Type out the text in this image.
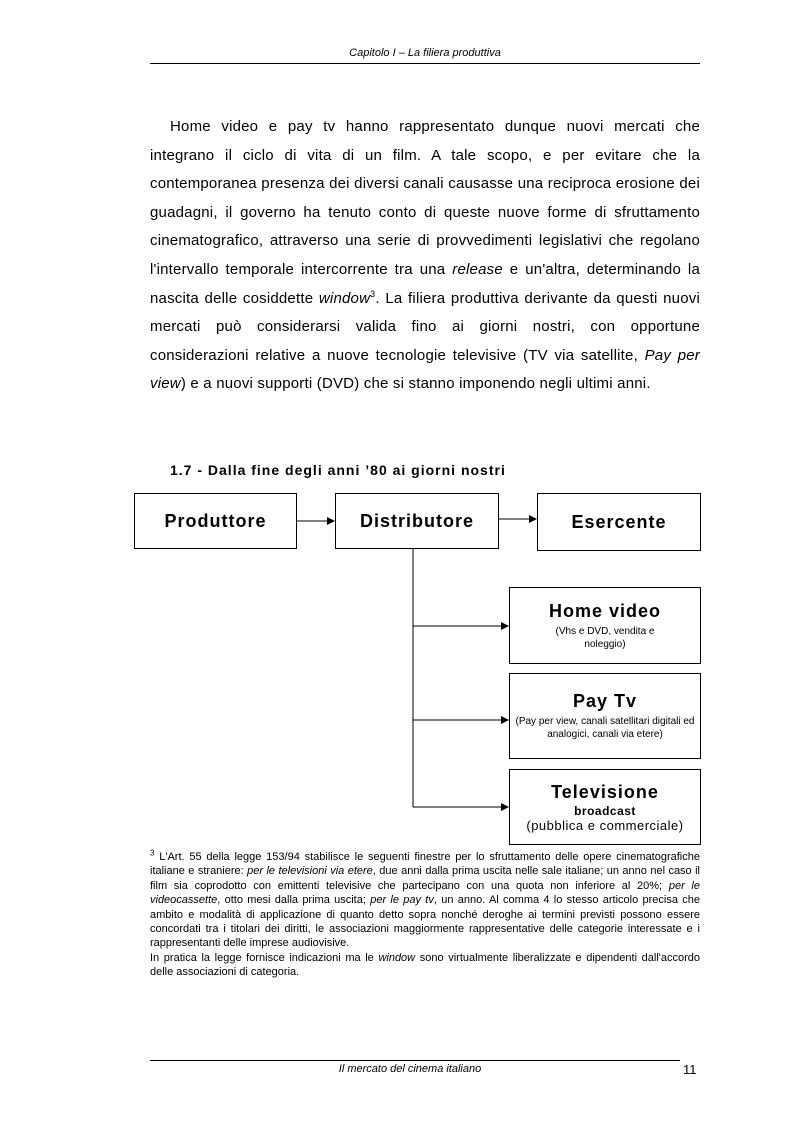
Capitolo I – La filiera produttiva

Home video e pay tv hanno rappresentato dunque nuovi mercati che integrano il ciclo di vita di un film. A tale scopo, e per evitare che la contemporanea presenza dei diversi canali causasse una reciproca erosione dei guadagni, il governo ha tenuto conto di queste nuove forme di sfruttamento cinematografico, attraverso una serie di provvedimenti legislativi che regolano l'intervallo temporale intercorrente tra una release e un'altra, determinando la nascita delle cosiddette window$^3$. La filiera produttiva derivante da questi nuovi mercati può considerarsi valida fino ai giorni nostri, con opportune considerazioni relative a nuove tecnologie televisive (TV via satellite, Pay per view) e a nuovi supporti (DVD) che si stanno imponendo negli ultimi anni.

1.7 - Dalla fine degli anni ’80 ai giorni nostri
Produttore	Distributore	Esercente
Home video
(Vhs e DVD, vendita e noleggio)
Pay Tv
(Pay per view, canali satellitari digitali ed analogici, canali via etere)
Televisione
broadcast
(pubblica e commerciale)

$^3$ L'Art. 55 della legge 153/94 stabilisce le seguenti finestre per lo sfruttamento delle opere cinematografiche italiane e straniere: per le televisioni via etere, due anni dalla prima uscita nelle sale italiane; un anno nel caso il film sia coprodotto con emittenti televisive che partecipano con una quota non inferiore al 20%; per le videocassette, otto mesi dalla prima uscita; per le pay tv, un anno. Al comma 4 lo stesso articolo precisa che ambito e modalità di applicazione di quanto detto sopra nonché deroghe ai termini previsti possono essere concordati tra i titolari dei diritti, le associazioni maggiormente rappresentative delle categorie interessate e i rappresentanti delle imprese audiovisive.

In pratica la legge fornisce indicazioni ma le window sono virtualmente liberalizzate e dipendenti dall'accordo delle associazioni di categoria.

Il mercato del cinema italiano	11
